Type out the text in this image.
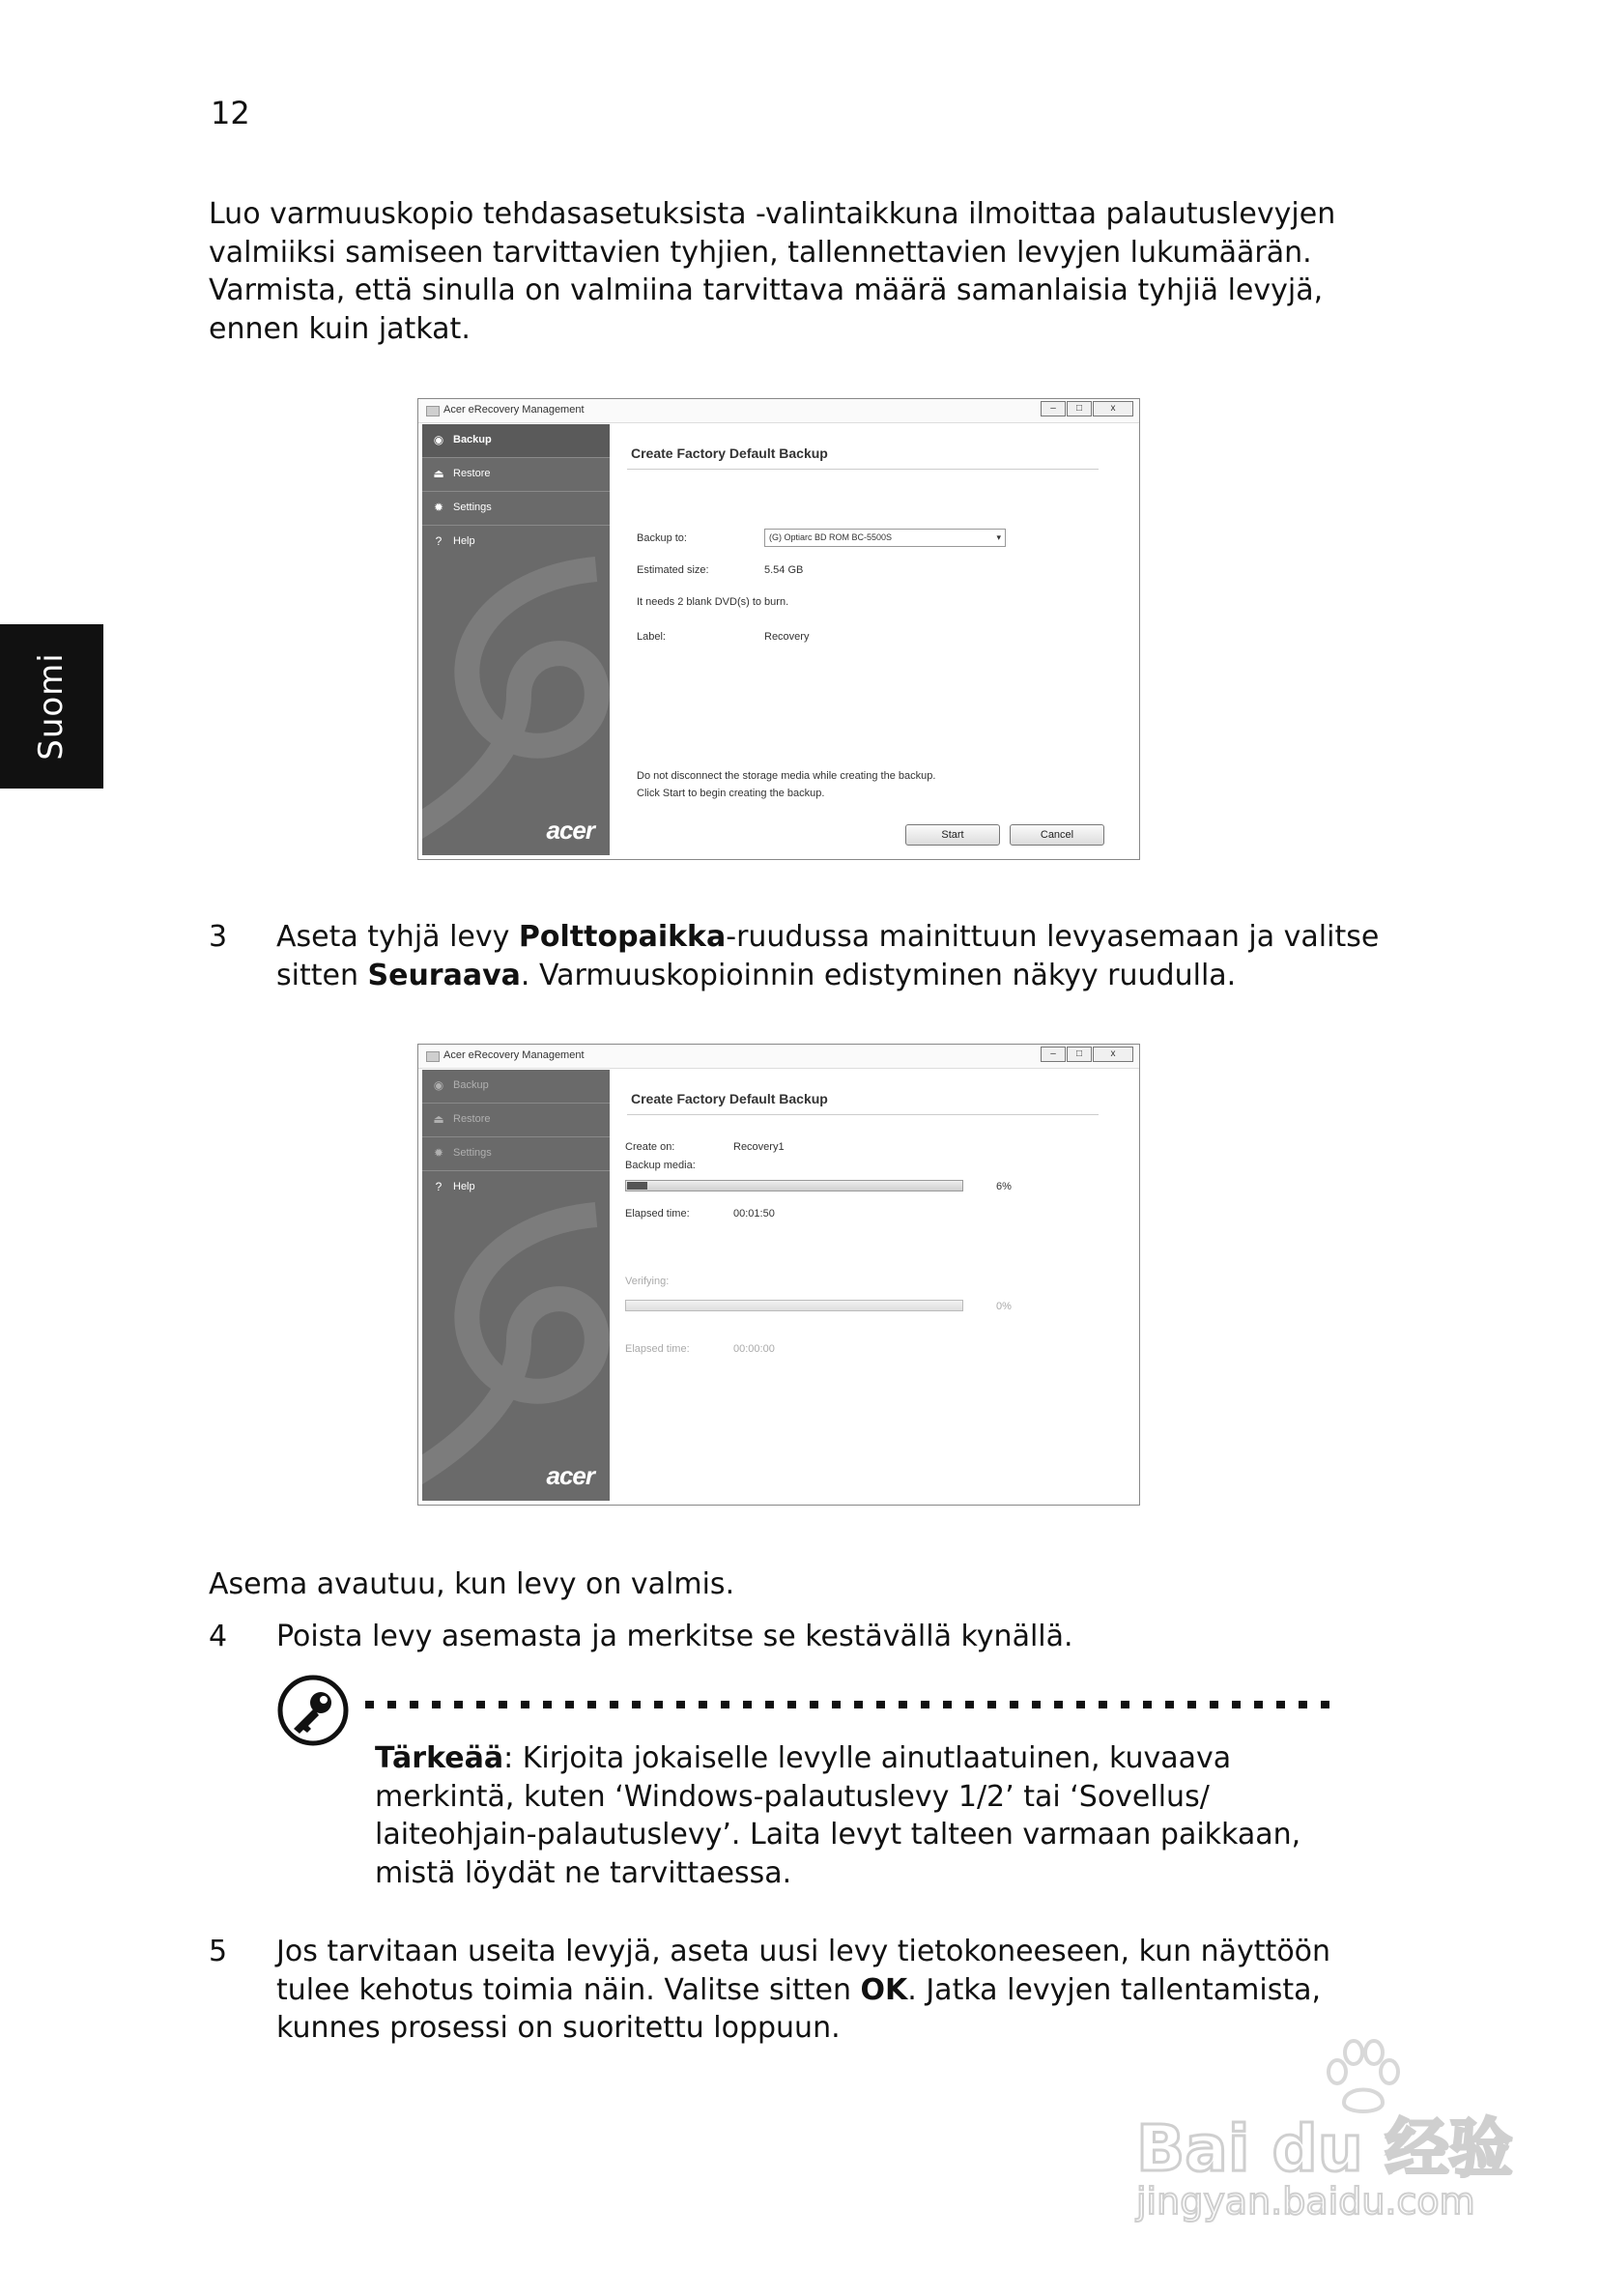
12
Suomi
Luo varmuuskopio tehdasasetuksista -valintaikkuna ilmoittaa palautuslevyjen
valmiiksi samiseen tarvittavien tyhjien, tallennettavien levyjen lukumäärän.
Varmista, että sinulla on valmiina tarvittava määrä samanlaisia tyhjiä levyjä,
ennen kuin jatkat.
Acer eRecovery Management	–	□	x
◉ Backup
⏏ Restore
✹ Settings
?	Help
acer
Create Factory Default Backup
Backup to:	(G) Optiarc BD ROM BC-5500S	▾
Estimated size:	5.54 GB
It needs 2 blank DVD(s) to burn.
Label:	Recovery
Do not disconnect the storage media while creating the backup.
Click Start to begin creating the backup.
Start	Cancel
3 Aseta tyhjä levy Polttopaikka-ruudussa mainittuun levyasemaan ja valitse
sitten Seuraava. Varmuuskopioinnin edistyminen näkyy ruudulla.
Acer eRecovery Management	–	□	x
◉ Backup
⏏ Restore
✹ Settings
?	Help
acer
Create Factory Default Backup
Create on:	Recovery1
Backup media:
6%
Elapsed time:	00:01:50
Verifying:
0%
Elapsed time:	00:00:00
Asema avautuu, kun levy on valmis.
4 Poista levy asemasta ja merkitse se kestävällä kynällä.
Tärkeää: Kirjoita jokaiselle levylle ainutlaatuinen, kuvaava
merkintä, kuten ‘Windows-palautuslevy 1/2’ tai ‘Sovellus/
laiteohjain-palautuslevy’. Laita levyt talteen varmaan paikkaan,
mistä löydät ne tarvittaessa.
5 Jos tarvitaan useita levyjä, aseta uusi levy tietokoneeseen, kun näyttöön
tulee kehotus toimia näin. Valitse sitten OK. Jatka levyjen tallentamista,
kunnes prosessi on suoritettu loppuun.
Bai du 经验
jingyan.baidu.com
